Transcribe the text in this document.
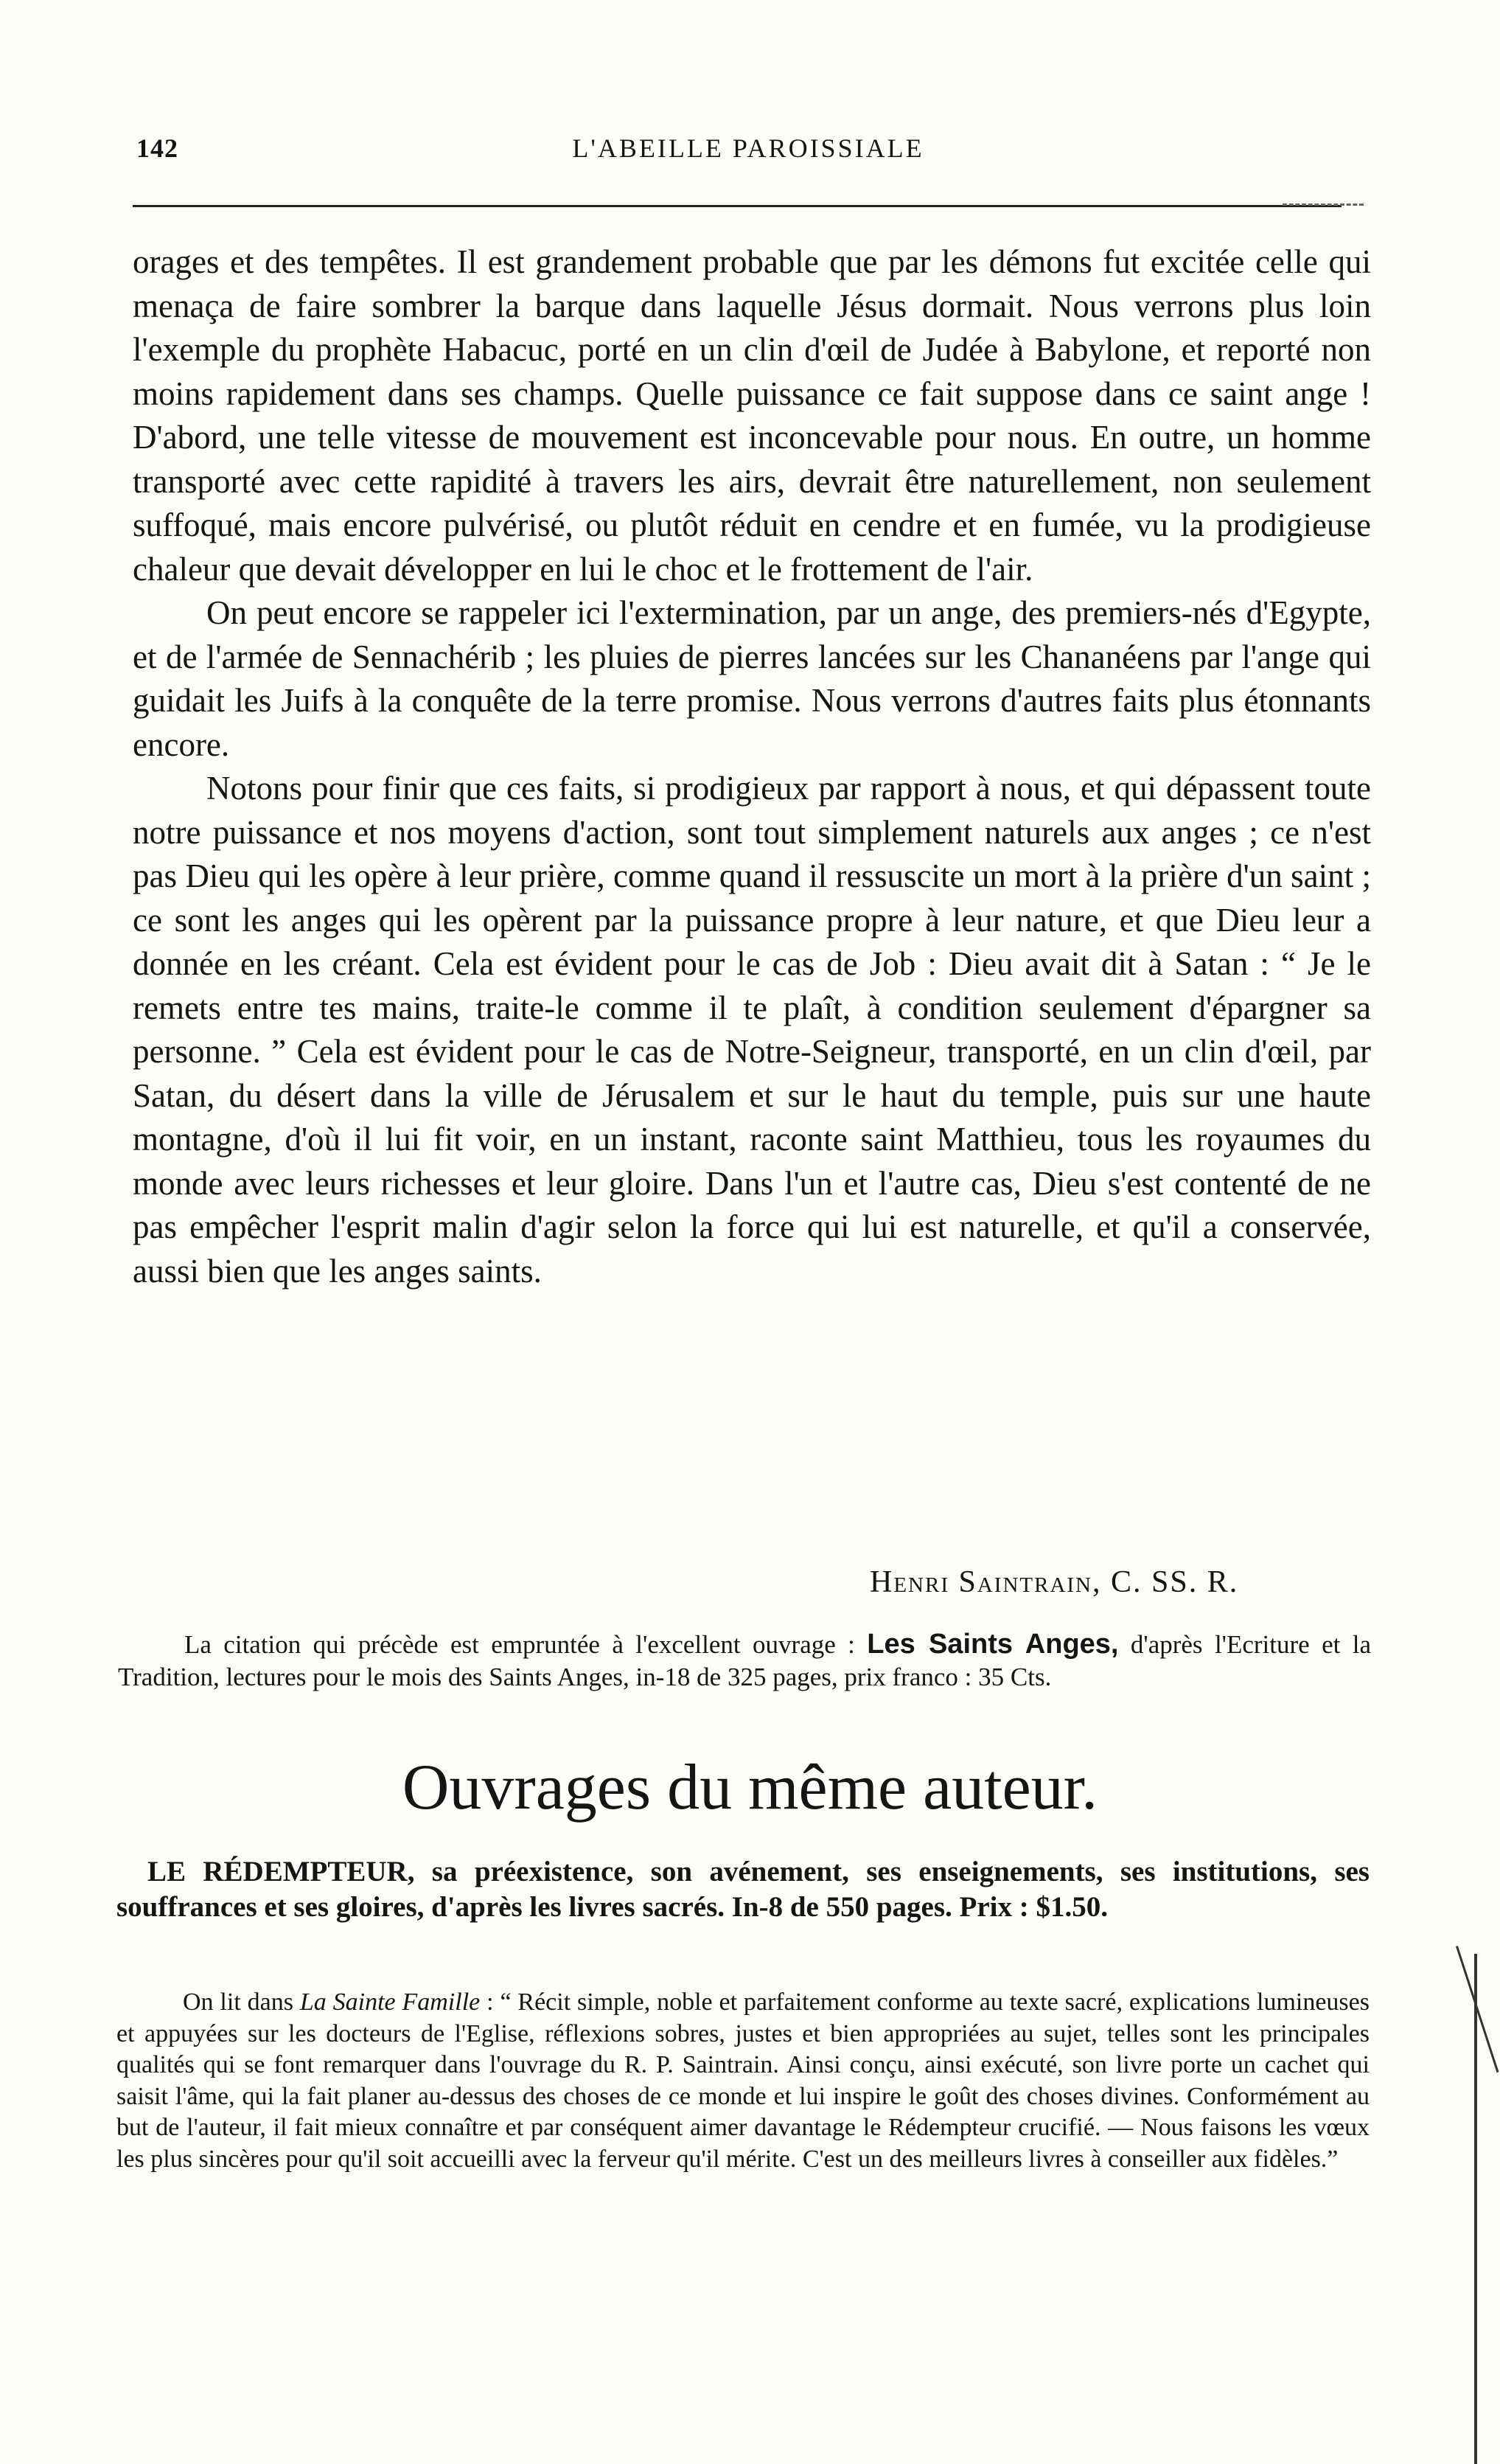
142	L'ABEILLE PAROISSIALE

orages et des tempêtes. Il est grandement probable que par les démons fut excitée celle qui menaça de faire sombrer la barque dans laquelle Jésus dormait. Nous verrons plus loin l'exemple du prophète Habacuc, porté en un clin d'œil de Judée à Babylone, et reporté non moins rapidement dans ses champs. Quelle puissance ce fait suppose dans ce saint ange ! D'abord, une telle vitesse de mouvement est inconcevable pour nous. En outre, un homme transporté avec cette rapidité à travers les airs, devrait être naturellement, non seulement suffoqué, mais encore pulvérisé, ou plutôt réduit en cendre et en fumée, vu la prodigieuse chaleur que devait développer en lui le choc et le frottement de l'air.

On peut encore se rappeler ici l'extermination, par un ange, des premiers-nés d'Egypte, et de l'armée de Sennachérib ; les pluies de pierres lancées sur les Chananéens par l'ange qui guidait les Juifs à la conquête de la terre promise. Nous verrons d'autres faits plus étonnants encore.

Notons pour finir que ces faits, si prodigieux par rapport à nous, et qui dépassent toute notre puissance et nos moyens d'action, sont tout simplement naturels aux anges ; ce n'est pas Dieu qui les opère à leur prière, comme quand il ressuscite un mort à la prière d'un saint ; ce sont les anges qui les opèrent par la puissance propre à leur nature, et que Dieu leur a donnée en les créant. Cela est évident pour le cas de Job : Dieu avait dit à Satan : “ Je le remets entre tes mains, traite-le comme il te plaît, à condition seulement d'épargner sa personne. ” Cela est évident pour le cas de Notre-Seigneur, transporté, en un clin d'œil, par Satan, du désert dans la ville de Jérusalem et sur le haut du temple, puis sur une haute montagne, d'où il lui fit voir, en un instant, raconte saint Matthieu, tous les royaumes du monde avec leurs richesses et leur gloire. Dans l'un et l'autre cas, Dieu s'est contenté de ne pas empêcher l'esprit malin d'agir selon la force qui lui est naturelle, et qu'il a conservée, aussi bien que les anges saints.

Henri Saintrain, C. SS. R.

La citation qui précède est empruntée à l'excellent ouvrage : Les Saints Anges, d'après l'Ecriture et la Tradition, lectures pour le mois des Saints Anges, in-18 de 325 pages, prix franco : 35 Cts.

Ouvrages du même auteur.

LE RÉDEMPTEUR, sa préexistence, son avénement, ses enseignements, ses institutions, ses souffrances et ses gloires, d'après les livres sacrés. In-8 de 550 pages. Prix : $1.50.

On lit dans La Sainte Famille : “ Récit simple, noble et parfaitement conforme au texte sacré, explications lumineuses et appuyées sur les docteurs de l'Eglise, réflexions sobres, justes et bien appropriées au sujet, telles sont les principales qualités qui se font remarquer dans l'ouvrage du R. P. Saintrain. Ainsi conçu, ainsi exécuté, son livre porte un cachet qui saisit l'âme, qui la fait planer au-dessus des choses de ce monde et lui inspire le goût des choses divines. Conformément au but de l'auteur, il fait mieux connaître et par conséquent aimer davantage le Rédempteur crucifié. — Nous faisons les vœux les plus sincères pour qu'il soit accueilli avec la ferveur qu'il mérite. C'est un des meilleurs livres à conseiller aux fidèles.”
